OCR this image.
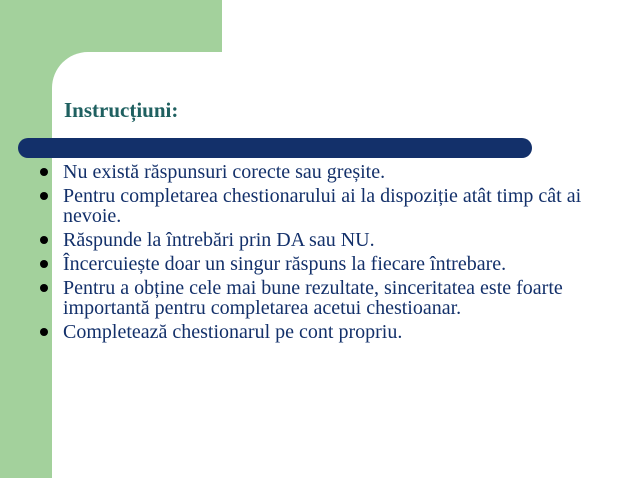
Instrucțiuni:
Nu există răspunsuri corecte sau greșite.
Pentru completarea chestionarului ai la dispoziție atât timp cât ai nevoie.
Răspunde la întrebări prin DA sau NU.
Încercuiește doar un singur răspuns la fiecare întrebare.
Pentru a obține cele mai bune rezultate, sinceritatea este foarte importantă pentru completarea acetui chestioanar.
Completează chestionarul pe cont propriu.
